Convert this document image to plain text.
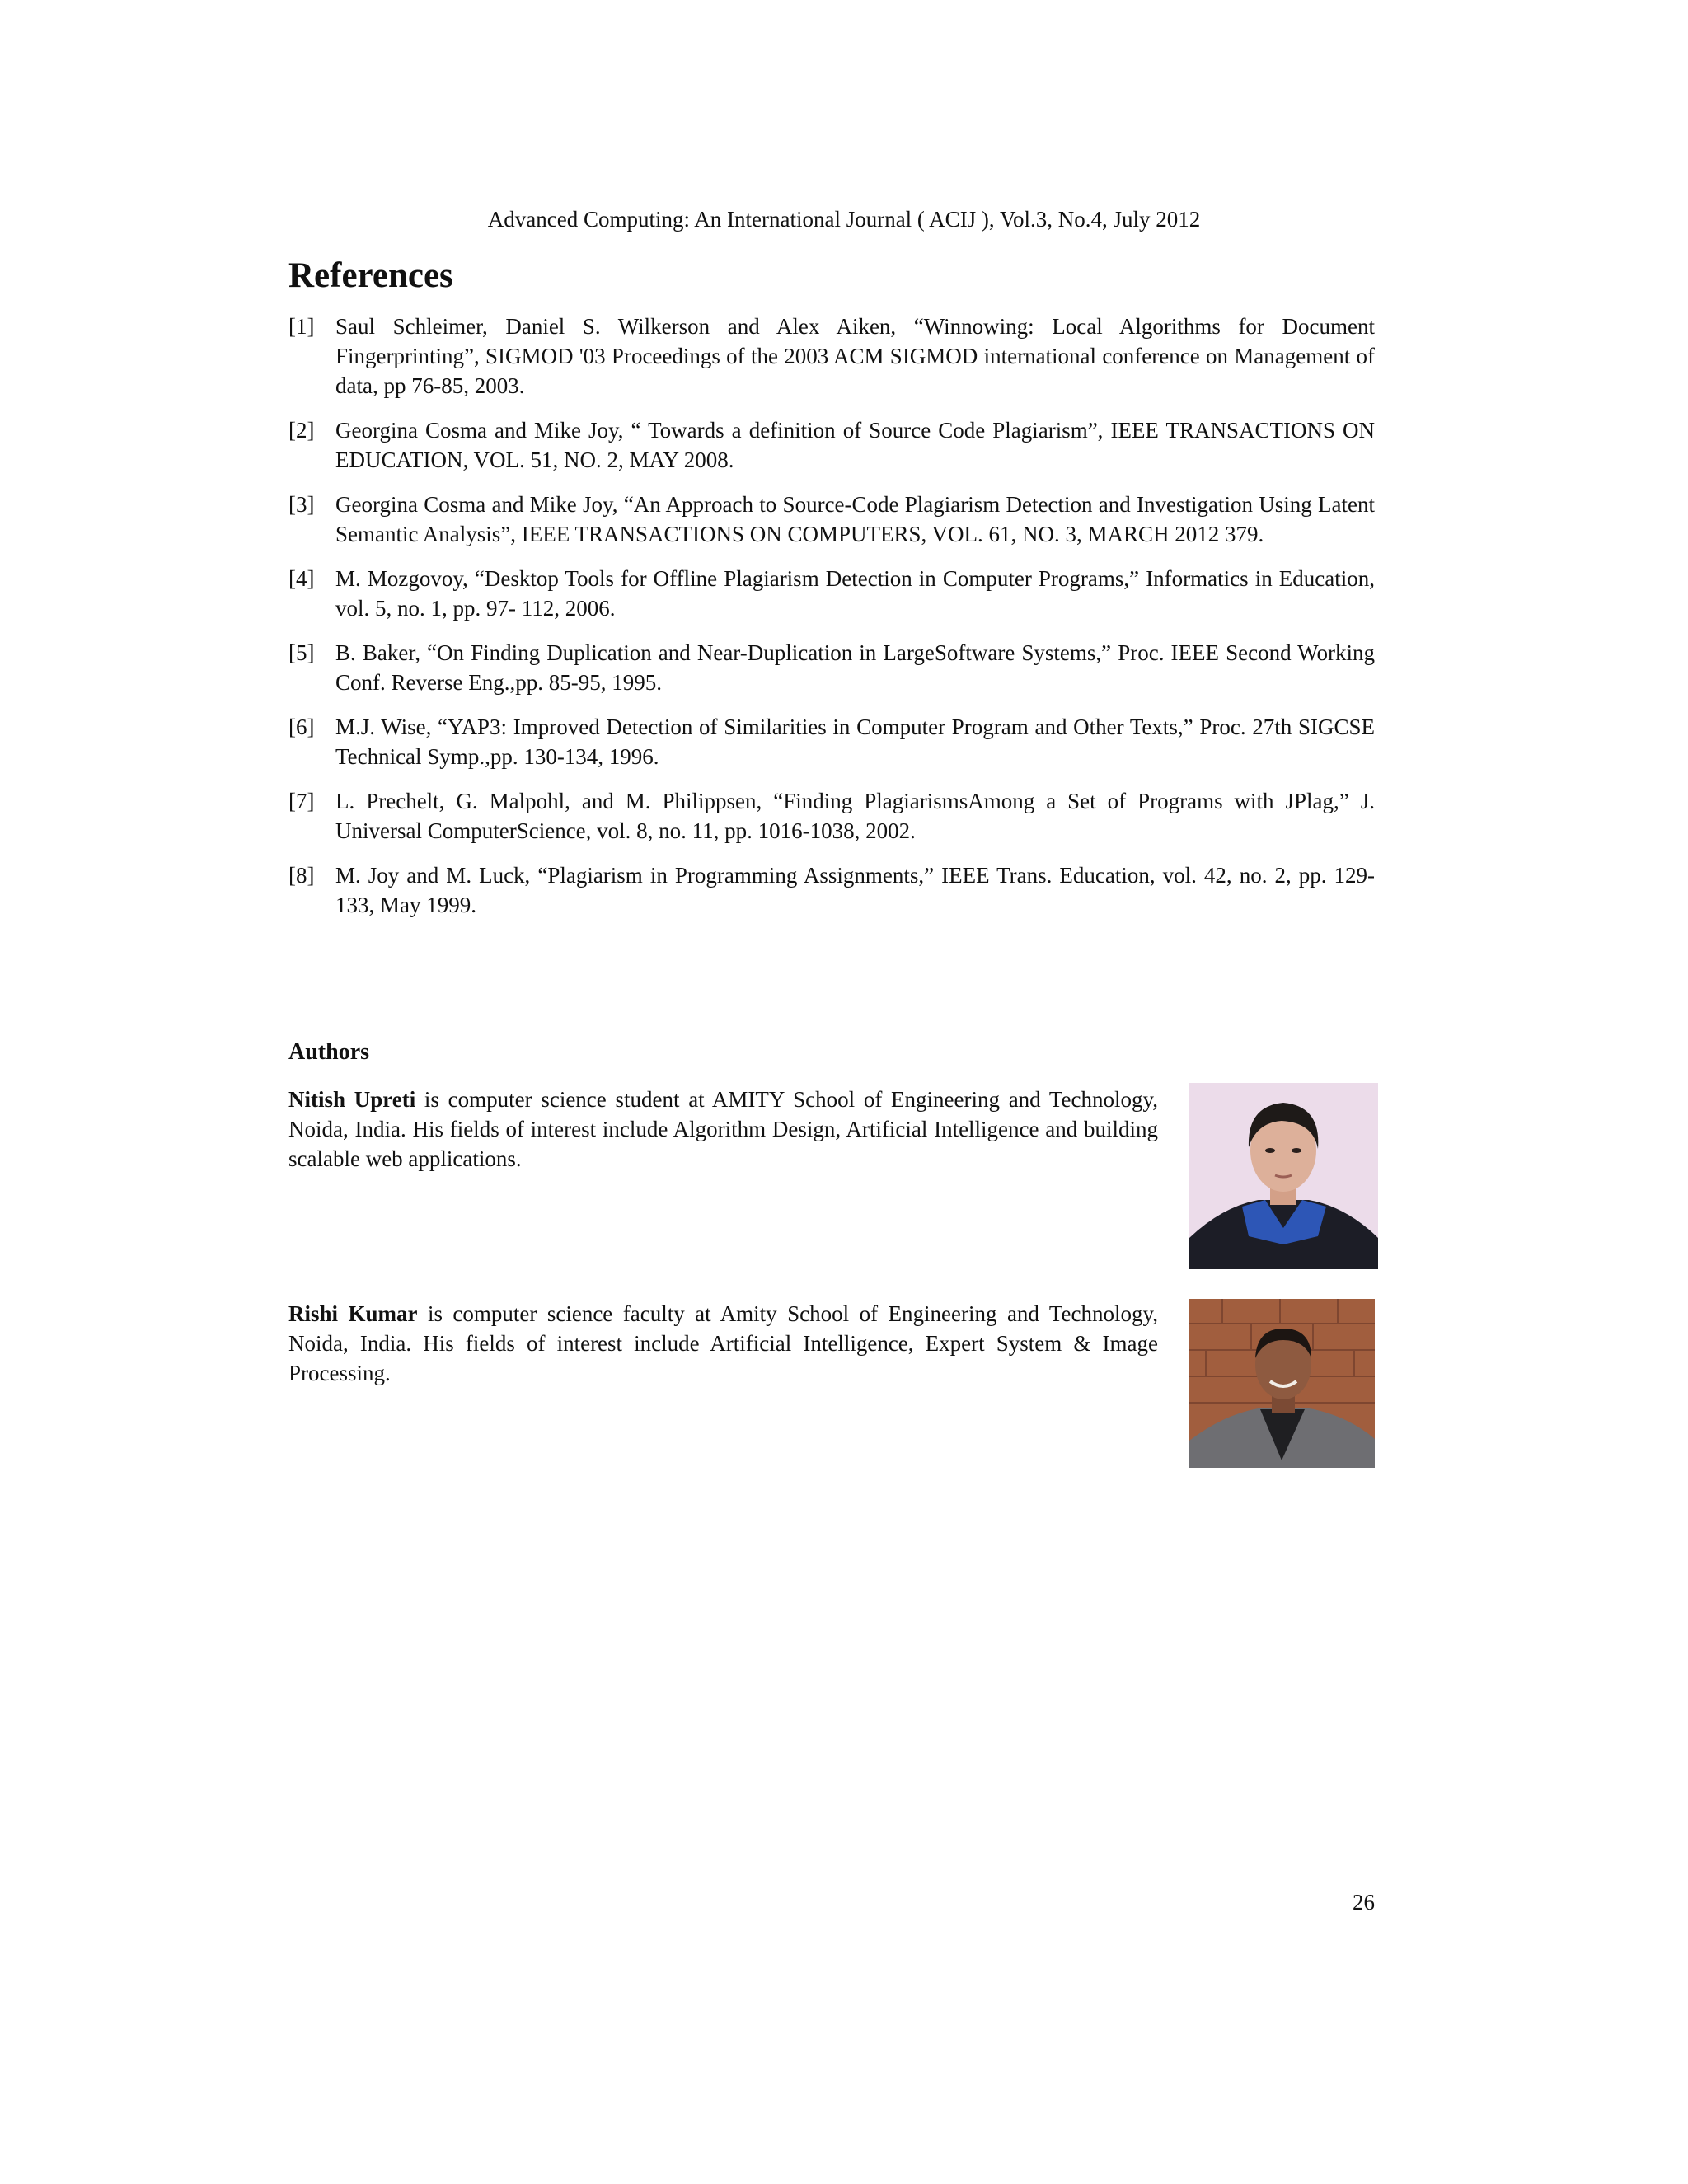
Advanced Computing: An International Journal ( ACIJ ), Vol.3, No.4, July 2012
References
[1] Saul Schleimer, Daniel S. Wilkerson and Alex Aiken, “Winnowing: Local Algorithms for Document Fingerprinting”, SIGMOD '03 Proceedings of the 2003 ACM SIGMOD international conference on Management of data, pp 76-85, 2003.
[2] Georgina Cosma and Mike Joy, “ Towards a definition of Source Code Plagiarism”, IEEE TRANSACTIONS ON EDUCATION, VOL. 51, NO. 2, MAY 2008.
[3] Georgina Cosma and Mike Joy, “An Approach to Source-Code Plagiarism Detection and Investigation Using Latent Semantic Analysis”, IEEE TRANSACTIONS ON COMPUTERS, VOL. 61, NO. 3, MARCH 2012 379.
[4] M. Mozgovoy, “Desktop Tools for Offline Plagiarism Detection in Computer Programs,” Informatics in Education, vol. 5, no. 1, pp. 97- 112, 2006.
[5] B. Baker, “On Finding Duplication and Near-Duplication in LargeSoftware Systems,” Proc. IEEE Second Working Conf. Reverse Eng.,pp. 85-95, 1995.
[6] M.J. Wise, “YAP3: Improved Detection of Similarities in Computer Program and Other Texts,” Proc. 27th SIGCSE Technical Symp.,pp. 130-134, 1996.
[7] L. Prechelt, G. Malpohl, and M. Philippsen, “Finding PlagiarismsAmong a Set of Programs with JPlag,” J. Universal ComputerScience, vol. 8, no. 11, pp. 1016-1038, 2002.
[8] M. Joy and M. Luck, “Plagiarism in Programming Assignments,” IEEE Trans. Education, vol. 42, no. 2, pp. 129-133, May 1999.
Authors

Nitish Upreti is computer science student at AMITY School of Engineering and Technology, Noida, India. His fields of interest include Algorithm Design, Artificial Intelligence and building scalable web applications.

Rishi Kumar is computer science faculty at Amity School of Engineering and Technology, Noida, India. His fields of interest include Artificial Intelligence, Expert System & Image Processing.

26
